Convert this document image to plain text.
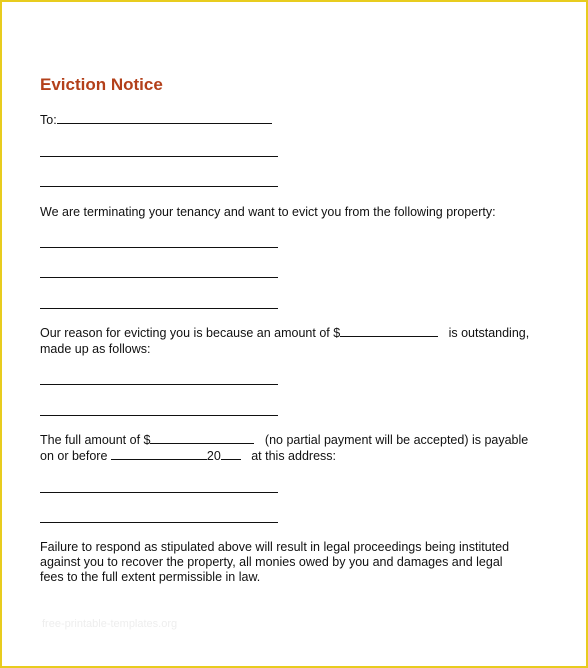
Eviction Notice
To:
We are terminating your tenancy and want to evict you from the following property:
Our reason for evicting you is because an amount of $	is outstanding,
made up as follows:
The full amount of $	(no partial payment will be accepted) is payable
on or before	20 at this address:
Failure to respond as stipulated above will result in legal proceedings being instituted
against you to recover the property, all monies owed by you and damages and legal
fees to the full extent permissible in law.
free-printable-templates.org
